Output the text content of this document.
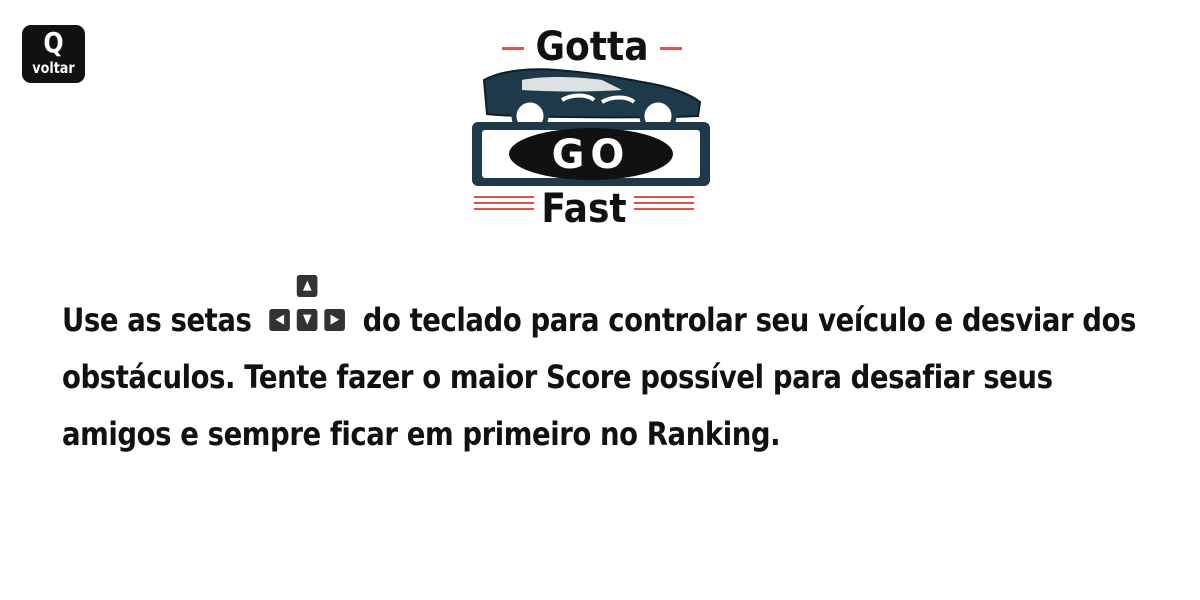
Q
voltar	Gotta
GO
Fast
Use as setas
▲
◀	▼	▶ do teclado para controlar seu veículo e desviar dos obstáculos. Tente fazer o maior Score possível para desafiar seus amigos e sempre ficar em primeiro no Ranking.
